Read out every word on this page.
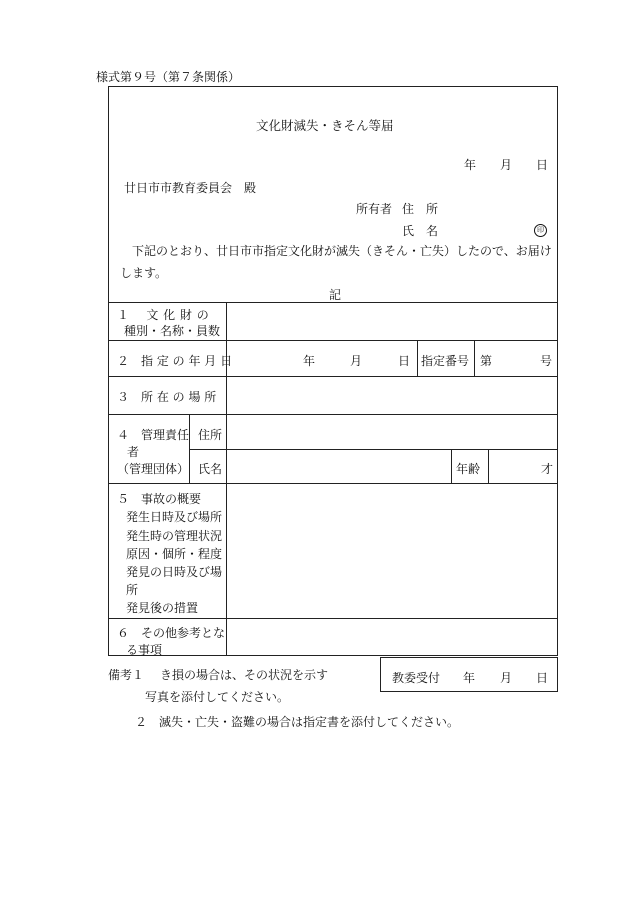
様式第９号（第７条関係）
文化財滅失・きそん等届
年 月 日
廿日市市教育委員会　殿
所有者 住　所
氏　名	印
下記のとおり、廿日市市指定文化財が滅失（きそん・亡失）したので、お届け
します。
記
１　 文 化 財 の
種別・名称・員数
２　指 定 の 年 月 日	年	月	日 指定番号 第	号
３　所 在 の 場 所
４　管理責任
者
（管理団体）
住所
氏名	年齢	才
５　事故の概要
発生日時及び場所
発生時の管理状況
原因・個所・程度
発見の日時及び場
所
発見後の措置
６　その他参考とな
る事項
備考１ き損の場合は、その状況を示す
写真を添付してください。
２　滅失・亡失・盗難の場合は指定書を添付してください。
教委受付 年 月 日
